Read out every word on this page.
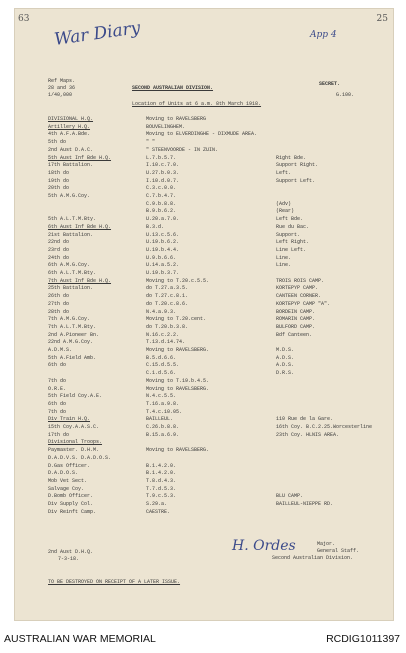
63	25
War Diary	App 4
Ref Maps.
28 and 36
1/40,000
SECOND AUSTRALIAN DIVISION.
SECRET.
G.100.
Location of Units at 6 a.m. 8th March 1918.
DIVISIONAL H.Q.	Moving to RAVELSBERG
Artillery H.Q.	BOUVELINGHEM.
4th A.F.A.Bde.	Moving to ELVERDINGHE - DIXMUDE AREA.
5th do	" "
2nd Aust D.A.C.	" STEENVOORDE - IN ZUIN.
5th Aust Inf Bde H.Q.	L.7.b.5.7.	Right Bde.
17th Battalion.	I.10.c.7.0.	Support Right.
18th do	U.27.b.0.3.	Left.
19th do	I.10.d.0.7.	Support Left.
20th do	C.3.c.0.0.
5th A.M.G.Coy.	C.7.b.4.7.
C.9.b.8.8.	(Adv)
B.9.b.6.2.	(Rear)
5th A.L.T.M.Bty.	U.20.a.7.0.	Left Bde.
6th Aust Inf Bde H.Q.	B.3.d.	Rue du Bac.
21st Battalion.	U.13.c.5.6.	Support.
22nd do	U.19.b.6.2.	Left Right.
23rd do	U.19.b.4.4.	Line Left.
24th do	U.9.b.6.6.	Line.
6th A.M.G.Coy.	U.14.a.5.2.	Line.
6th A.L.T.M.Bty.	U.19.b.3.7.
7th Aust Inf Bde H.Q.	Moving to T.20.c.5.5.	TROIS ROIS CAMP.
25th Battalion.	do T.27.a.3.5.	KORTEPYP CAMP.
26th do	do T.27.c.8.1.	CANTEEN CORNER.
27th do	do T.20.c.8.6.	KORTEPYP CAMP "A".
28th do	N.4.a.9.3.	BORDEIN CAMP.
7th A.M.G.Coy.	Moving to T.20.cent.	ROMARIN CAMP.
7th A.L.T.M.Bty.	do T.20.b.3.8.	BULFORD CAMP.
2nd A.Pioneer Bn.	N.16.c.2.2.	Bdf Canteen.
22nd A.M.G.Coy.	T.13.d.14.74.
A.D.M.S.	Moving to RAVELSBERG.	M.D.S.
5th A.Field Amb.	B.5.d.6.6.	A.D.S.
6th do	C.15.d.5.5.	A.D.S.
C.1.d.5.6.	D.R.S.
7th do	Moving to T.19.b.4.5.
O.R.E.	Moving to RAVELSBERG.
5th Field Coy.A.E.	N.4.c.5.5.
6th do	T.16.a.9.8.
7th do	T.4.c.10.05.
Div Train H.Q.	BAILLEUL.	110 Rue de la Gare.
15th Coy.A.A.S.C.	C.26.b.8.8.	16th Coy. B.C.2.25.Worcesterline
17th do	B.15.a.6.9.	23th Coy. HLNIS AREA.
Divisional Troops.
Paymaster. D.H.M.	Moving to RAVELSBERG.
D.A.D.V.S. D.A.D.O.S.
D.Gas Officer.	B.1.4.2.0.
D.A.D.O.S.	B.1.4.2.0.
Mob Vet Sect.	T.8.d.4.3.
Salvage Coy.	T.7.d.5.3.
D.Bomb Officer.	T.9.c.5.3.	BLU CAMP.
Div Supply Col.	S.29.a.	BAILLEUL-NIEPPE RD.
Div Reinft Camp.	CAESTRE.
2nd Aust D.H.Q.
7-3-18.
H. Ordes	Major.
General Staff.
Second Australian Division.
TO BE DESTROYED ON RECEIPT OF A LATER ISSUE.
AUSTRALIAN WAR MEMORIAL	RCDIG1011397
